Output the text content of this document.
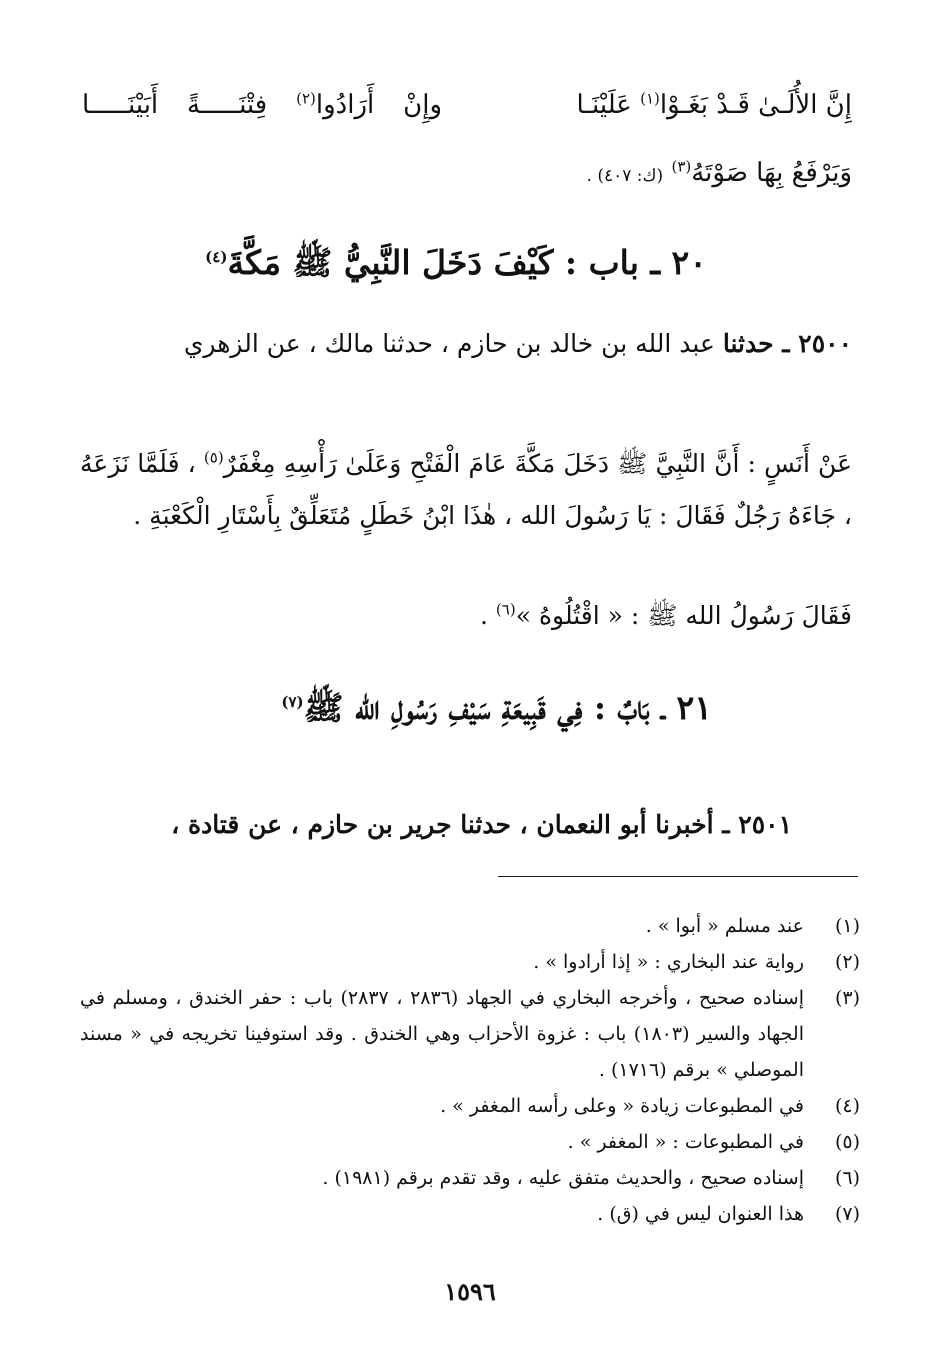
إِنَّ الأُلَـىٰ قَـدْ بَغَـوْا$^{(١)}$ عَلَيْنَـا
وإِنْ أَرَادُوا$^{(٢)}$ فِتْنَـــــةً أَبَيْنَـــــا
وَيَرْفَعُ بِهَا صَوْتَهُ$^{(٣)}$ (ك: ٤٠٧) .
٢٠ ـ باب : كَيْفَ دَخَلَ النَّبِيُّ ﷺ مَكَّةَ$^{(٤)}$
٢٥٠٠ ـ حدثنا عبد الله بن خالد بن حازم ، حدثنا مالك ، عن الزهري
عَنْ أَنَسٍ : أَنَّ النَّبِيَّ ﷺ دَخَلَ مَكَّةَ عَامَ الْفَتْحِ وَعَلَىٰ رَأْسِهِ مِغْفَرٌ$^{(٥)}$ ، فَلَمَّا نَزَعَهُ ، جَاءَهُ رَجُلٌ فَقَالَ : يَا رَسُولَ الله ، هٰذَا ابْنُ خَطَلٍ مُتَعَلِّقٌ بِأَسْتَارِ الْكَعْبَةِ .
فَقَالَ رَسُولُ الله ﷺ : « اقْتُلُوهُ »$^{(٦)}$ .
٢١ ـ بَابٌ : فِي قَبِيعَةِ سَيْفِ رَسُولِ الله ﷺ$^{(٧)}$
٢٥٠١ ـ أخبرنا أبو النعمان ، حدثنا جرير بن حازم ، عن قتادة ،
(١)
عند مسلم « أبوا » .
(٢)
رواية عند البخاري : « إذا أرادوا » .
(٣)
إسناده صحيح ، وأخرجه البخاري في الجهاد (٢٨٣٦ ، ٢٨٣٧) باب : حفر الخندق ، ومسلم في الجهاد والسير (١٨٠٣) باب : غزوة الأحزاب وهي الخندق . وقد استوفينا تخريجه في « مسند الموصلي » برقم (١٧١٦) .
(٤)
في المطبوعات زيادة « وعلى رأسه المغفر » .
(٥)
في المطبوعات : « المغفر » .
(٦)
إسناده صحيح ، والحديث متفق عليه ، وقد تقدم برقم (١٩٨١) .
(٧)
هذا العنوان ليس في (ق) .
١٥٩٦
